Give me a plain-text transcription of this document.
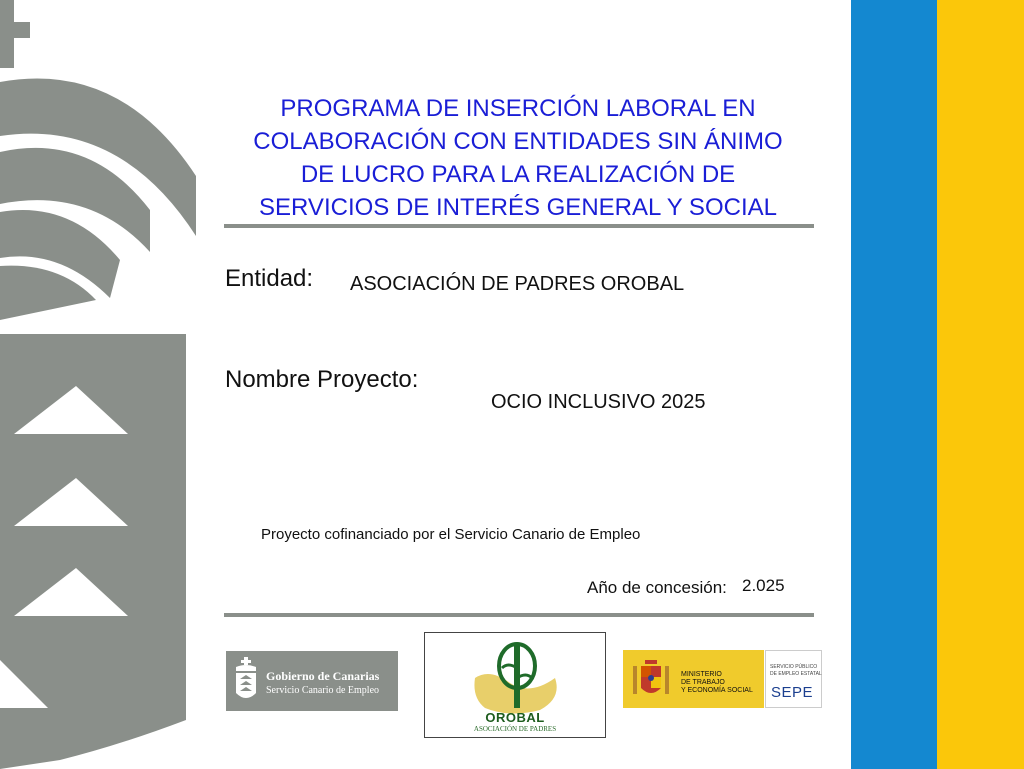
PROGRAMA DE INSERCIÓN LABORAL EN
COLABORACIÓN CON ENTIDADES SIN ÁNIMO
DE LUCRO PARA LA REALIZACIÓN DE
SERVICIOS DE INTERÉS GENERAL Y SOCIAL
Entidad: ASOCIACIÓN DE PADRES OROBAL
Nombre Proyecto:
OCIO INCLUSIVO 2025
Proyecto cofinanciado por el Servicio Canario de Empleo
Año de concesión: 2.025
Gobierno de Canarias
Servicio Canario de Empleo
OROBAL
ASOCIACIÓN DE PADRES
MINISTERIO
DE TRABAJO
Y ECONOMÍA SOCIAL
SERVICIO PÚBLICO
DE EMPLEO ESTATAL
SEPE
